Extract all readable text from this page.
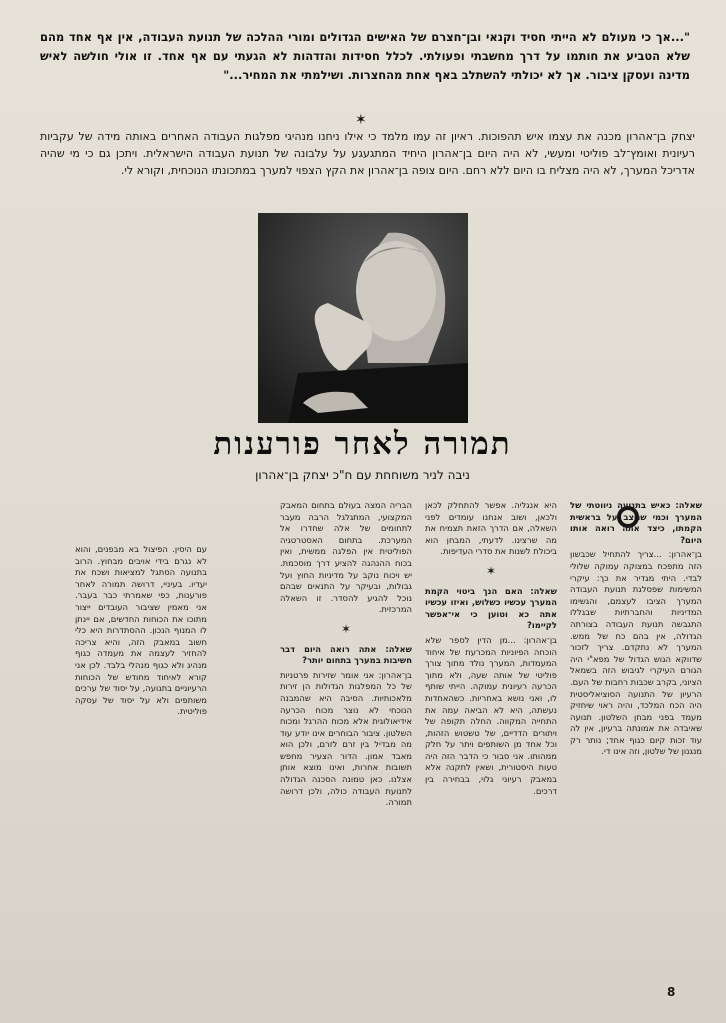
"...אך כי מעולם לא הייתי חסיד וקנאי ובן־חצרם של האישים הגדולים ומורי ההלכה של תנועת העבודה, אין אף אחד מהם שלא הטביע את חותמו על דרך מחשבתי ופעולתי. לכלל חסידות והזדהות לא הגעתי עם אף אחד. זו אולי חולשה לאיש מדינה ועסקן ציבור. אך לא יכולתי להשתלב באף אחת מהחצרות. ושילמתי את המחיר..."
✶
יצחק בן־אהרון מכנה את עצמו איש תהפוכות. ראיון זה עמו מלמד כי אילו ניחנו מנהיגי מפלגות העבודה האחרים באותה מידה של עקביות רעיונית ואומץ־לב פוליטי ומעשי, לא היה היום בן־אהרון היחיד המתגעגע על עלבונה של תנועת העבודה הישראלית. ויתכן גם כי מי שהיה אדריכל המערך, לא היה מצליח בו היום ללא רחם. היום צופה בן־אהרון את הקץ הצפוי למערך במתכונתו הנוכחית, וקורא לי.
תמורה לאחר פורענות
ניבה לניר משוחחת עם ח"כ יצחק בן־אהרון

שאלה: כאיש בתנועה ניווטתי של המערך וכמי שניצב על בראשית הקמתו, כיצד אתה רואה אותו היום?

בן־אהרון: ...צריך להתחיל שכבשון הזה מתפכח במצוקה עמוקה שלולי לבדי. היתי מגדיר את כך: עיקרי המשימות שפסלגת תנועת העבודה המערך הציבו לעצמם, והגשימו המדיניות והחברתיות שבגללו התגבשה תנועת העבודה בצורתה הגדולה, אין בהם כח של ממש. המערך לא נתקדם. צריך לזכור שדווקא הגוש הגדול של מפא"י היה הגורם העיקרי לגיבוש הזה בשמאל הציוני, בקרב שכבות רחבות של העם. הרעיון של התנועה הסוציאליסטית היה הכח המלכד, והיה ראוי שיחזיק מעמד בפני מבחן השלטון. תנועה שאיבדה את אמונתה ברעיון, אין לה עוד זכות קיום כגוף אחד; נותר רק מנגנון של שלטון, וזה אינו די.

היא אנגליה. אפשר להתחלק לכאן ולכאן, ושוב אנחנו עומדים לפני השאלה, אם הדרך הזאת תצמיח את מה שרצינו. לדעתי, המבחן הוא ביכולת לשנות את סדרי העדיפות.

✶

שאלה: האם הנך ביטוי הקמת המערך עכשיו כשלוש, ואיזו עכשיו אתה כא וטוען כי אי־אפשר לקיימו?

בן־אהרון: ...מן הדין לספר שלא הוכחה הפיוניות המכרעת של איחוד המעמדות, המערך נולד מתוך צורך פוליטי של אותה שעה, ולא מתוך הכרעה רעיונית עמוקה. הייתי שותף לו, ואני נושא באחריות. כשהאחדות נעשתה, היא לא הביאה עמה את התחייה המקווה. החלה תקופה של ויתורים הדדיים, של טשטוש הזהות, וכל אחד מן השותפים ויתר על חלק ממהותו. אני סבור כי הדבר הזה היה טעות היסטורית, ושאין לתקנה אלא במאבק רעיוני גלוי, בבחירה בין דרכים.

הבריה המצה בעולם בתחום המאבק המקצועי, המתגלגל הרבה מעבר לתחומים של אלה שחדרו אל המערכת. בתחום האסטרטגיה הפוליטית אין הפלגה ממשית, ואין בכוח ההנהגה להציע דרך מוסכמת. יש ויכוח נוקב על מדיניות החוץ ועל גבולות, ובעיקר על התנאים שבהם נוכל להגיע להסדר. זו השאלה המרכזית.

✶

שאלה: אתה רואה היום דבר חשיבות במערך בתחום יותר?

בן־אהרון: אני אומר שזירות פרטניות של כל המפלגות הגדולות הן זירות מלאכותיות. הסיבה היא שהמבנה הנוכחי לא נוצר מכוח הכרעה אידיאולוגית אלא מכוח ההרגל ומכוח השלטון. ציבור הבוחרים אינו יודע עוד מה מבדיל בין זרם לזרם, ולכן הוא מאבד אמון. הדור הצעיר מחפש תשובות אחרות, ואינו מוצא אותן אצלנו. כאן טמונה הסכנה הגדולה לתנועת העבודה כולה, ולכן דרושה תמורה.

עם היסין. הפיצול בא מבפנים, והוא לא נגרם בידי אויבים מבחוץ. הרוב בתנועה הסתגל למציאות ושכח את יעדיו. בעיניי, דרושה תמורה לאחר פורענות, כפי שאמרתי כבר בעבר. אני מאמין שציבור העובדים ייצור מתוכו את הכוחות החדשים, אם יינתן לו המנוף הנכון. ההסתדרות היא כלי חשוב במאבק הזה, והיא צריכה להחזיר לעצמה את מעמדה כגוף מנהיג ולא כגוף מנהלי בלבד. לכן אני קורא לאיחוד מחודש של הכוחות הרעיוניים בתנועה, על יסוד של ערכים משותפים ולא על יסוד של עסקה פוליטית.

8
